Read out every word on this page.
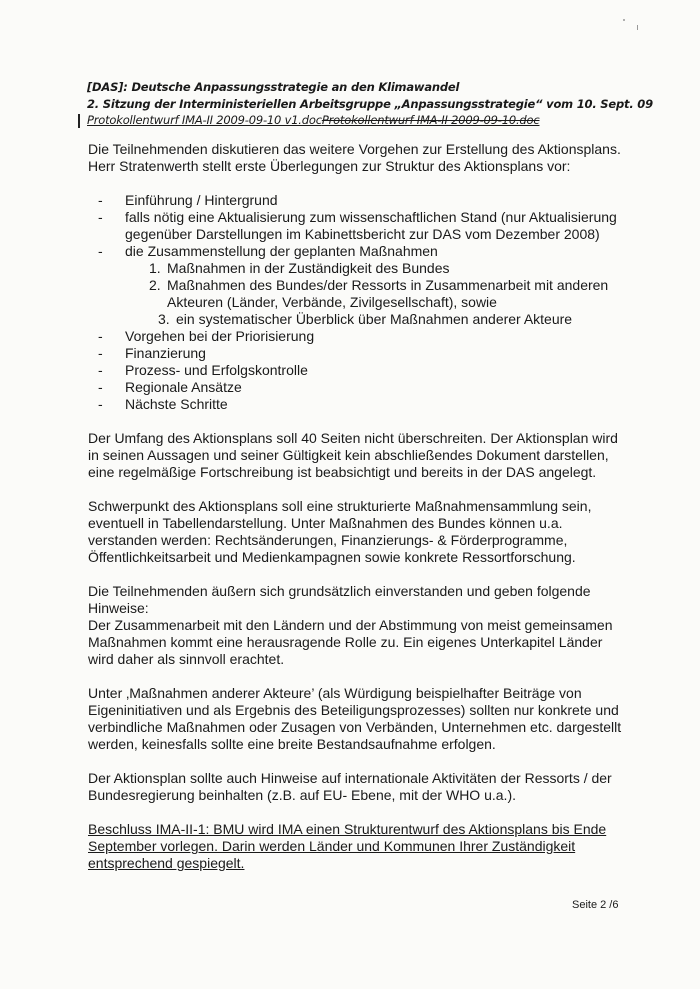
[DAS]: Deutsche Anpassungsstrategie an den Klimawandel
2. Sitzung der Interministeriellen Arbeitsgruppe „Anpassungsstrategie“ vom 10. Sept. 09
Protokollentwurf IMA-II 2009-09-10 v1.docProtokollentwurf IMA-II 2009-09-10.doc

Die Teilnehmenden diskutieren das weitere Vorgehen zur Erstellung des Aktionsplans. Herr Stratenwerth stellt erste Überlegungen zur Struktur des Aktionsplans vor:

- Einführung / Hintergrund
- falls nötig eine Aktualisierung zum wissenschaftlichen Stand (nur Aktualisierung gegenüber Darstellungen im Kabinettsbericht zur DAS vom Dezember 2008)
- die Zusammenstellung der geplanten Maßnahmen
1. Maßnahmen in der Zuständigkeit des Bundes
2. Maßnahmen des Bundes/der Ressorts in Zusammenarbeit mit anderen Akteuren (Länder, Verbände, Zivilgesellschaft), sowie
3. ein systematischer Überblick über Maßnahmen anderer Akteure
- Vorgehen bei der Priorisierung
- Finanzierung
- Prozess- und Erfolgskontrolle
- Regionale Ansätze
- Nächste Schritte

Der Umfang des Aktionsplans soll 40 Seiten nicht überschreiten. Der Aktionsplan wird in seinen Aussagen und seiner Gültigkeit kein abschließendes Dokument darstellen, eine regelmäßige Fortschreibung ist beabsichtigt und bereits in der DAS angelegt.

Schwerpunkt des Aktionsplans soll eine strukturierte Maßnahmensammlung sein, eventuell in Tabellendarstellung. Unter Maßnahmen des Bundes können u.a. verstanden werden: Rechtsänderungen, Finanzierungs- & Förderprogramme, Öffentlichkeitsarbeit und Medienkampagnen sowie konkrete Ressortforschung.

Die Teilnehmenden äußern sich grundsätzlich einverstanden und geben folgende Hinweise:

Der Zusammenarbeit mit den Ländern und der Abstimmung von meist gemeinsamen Maßnahmen kommt eine herausragende Rolle zu. Ein eigenes Unterkapitel Länder wird daher als sinnvoll erachtet.

Unter ‚Maßnahmen anderer Akteure’ (als Würdigung beispielhafter Beiträge von Eigeninitiativen und als Ergebnis des Beteiligungsprozesses) sollten nur konkrete und verbindliche Maßnahmen oder Zusagen von Verbänden, Unternehmen etc. dargestellt werden, keinesfalls sollte eine breite Bestandsaufnahme erfolgen.

Der Aktionsplan sollte auch Hinweise auf internationale Aktivitäten der Ressorts / der Bundesregierung beinhalten (z.B. auf EU- Ebene, mit der WHO u.a.).

Beschluss IMA-II-1: BMU wird IMA einen Strukturentwurf des Aktionsplans bis Ende September vorlegen. Darin werden Länder und Kommunen Ihrer Zuständigkeit entsprechend gespiegelt.

Seite 2 /6
